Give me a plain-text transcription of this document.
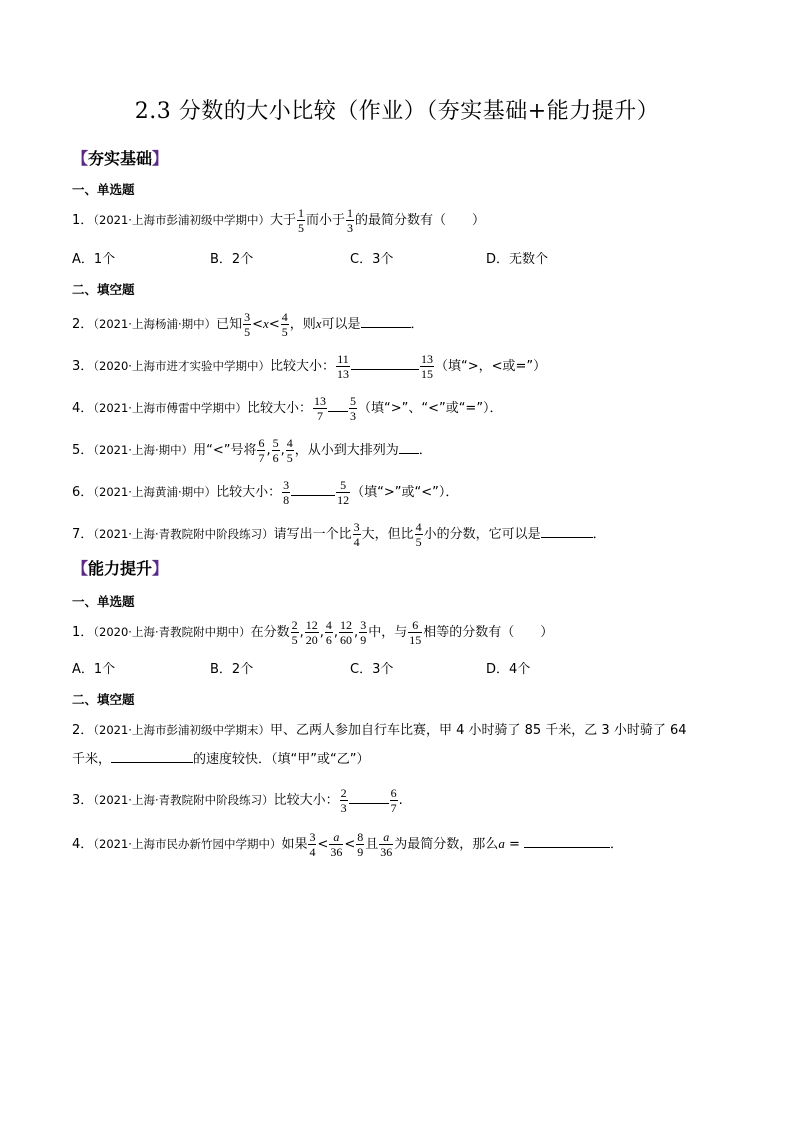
2.3 分数的大小比较（作业）（夯实基础+能力提升）
【夯实基础】
一、单选题
1．（2021·上海市彭浦初级中学期中）大于 $\frac{1}{5}$ 而小于 $\frac{1}{3}$ 的最简分数有（　　）
A．1个	B．2个	C．3个	D．无数个
二、填空题
2．（2021·上海杨浦·期中）已知 $\frac{3}{5} <x< \frac{4}{5}$ ，则x可以是	．
3．（2020·上海市进才实验中学期中）比较大小： $\frac{11}{13}$	$\frac{13}{15}$ （填“>，<或=”）
4．（2021·上海市傅雷中学期中）比较大小： $\frac{13}{7} \frac{5}{3}$ （填“>”、“<”或“=”）．
5．（2021·上海·期中）用“<”号将 $\frac{6}{7}$ , $\frac{5}{6}$ , $\frac{4}{5}$ ，从小到大排列为 ．
6．（2021·上海黄浦·期中）比较大小： $\frac{3}{8}$	$\frac{5}{12}$ （填“>”或“<”）．
7．（2021·上海·青教院附中阶段练习）请写出一个比 $\frac{3}{4}$ 大，但比 $\frac{4}{5}$ 小的分数，它可以是	．
【能力提升】
一、单选题
1．（2020·上海·青教院附中期中）在分数 $\frac{2}{5}$ , $\frac{12}{20}$ , $\frac{4}{6}$ , $\frac{12}{60}$ , $\frac{3}{9}$ 中，与 $\frac{6}{15}$ 相等的分数有（　　）
A．1个	B．2个	C．3个	D．4个
二、填空题
2．（2021·上海市彭浦初级中学期末）甲、乙两人参加自行车比赛，甲 4 小时骑了 85 千米，乙 3 小时骑了 64
千米，	的速度较快．（填“甲”或“乙”）
3．（2021·上海·青教院附中阶段练习）比较大小： $\frac{2}{3}$	$\frac{6}{7}$ .
4．（2021·上海市民办新竹园中学期中）如果 $\frac{3}{4} < \frac{a}{36} < \frac{8}{9}$ 且 $\frac{a}{36}$ 为最简分数，那么a =	．
